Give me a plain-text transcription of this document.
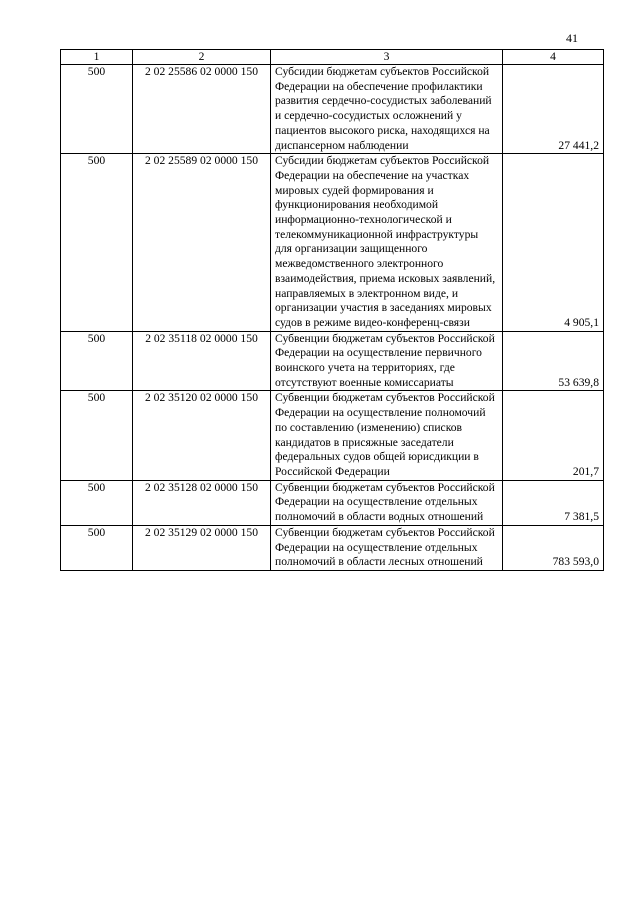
41
1	2	3	4
500	2 02 25586 02 0000 150	Субсидии бюджетам субъектов Российской Федерации на обеспечение профилактики развития сердечно-сосудистых заболеваний и сердечно-сосудистых осложнений у пациентов высокого риска, находящихся на диспансерном наблюдении	27 441,2
500	2 02 25589 02 0000 150	Субсидии бюджетам субъектов Российской Федерации на обеспечение на участках мировых судей формирования и функционирования необходимой информационно-технологической и телекоммуникационной инфраструктуры для организации защищенного межведомственного электронного взаимодействия, приема исковых заявлений, направляемых в электронном виде, и организации участия в заседаниях мировых судов в режиме видео-конференц-связи	4 905,1
500	2 02 35118 02 0000 150	Субвенции бюджетам субъектов Российской Федерации на осуществление первичного воинского учета на территориях, где отсутствуют военные комиссариаты	53 639,8
500	2 02 35120 02 0000 150	Субвенции бюджетам субъектов Российской Федерации на осуществление полномочий по составлению (изменению) списков кандидатов в присяжные заседатели федеральных судов общей юрисдикции в Российской Федерации	201,7
500	2 02 35128 02 0000 150	Субвенции бюджетам субъектов Российской Федерации на осуществление отдельных полномочий в области водных отношений	7 381,5
500	2 02 35129 02 0000 150	Субвенции бюджетам субъектов Российской Федерации на осуществление отдельных полномочий в области лесных отношений	783 593,0
